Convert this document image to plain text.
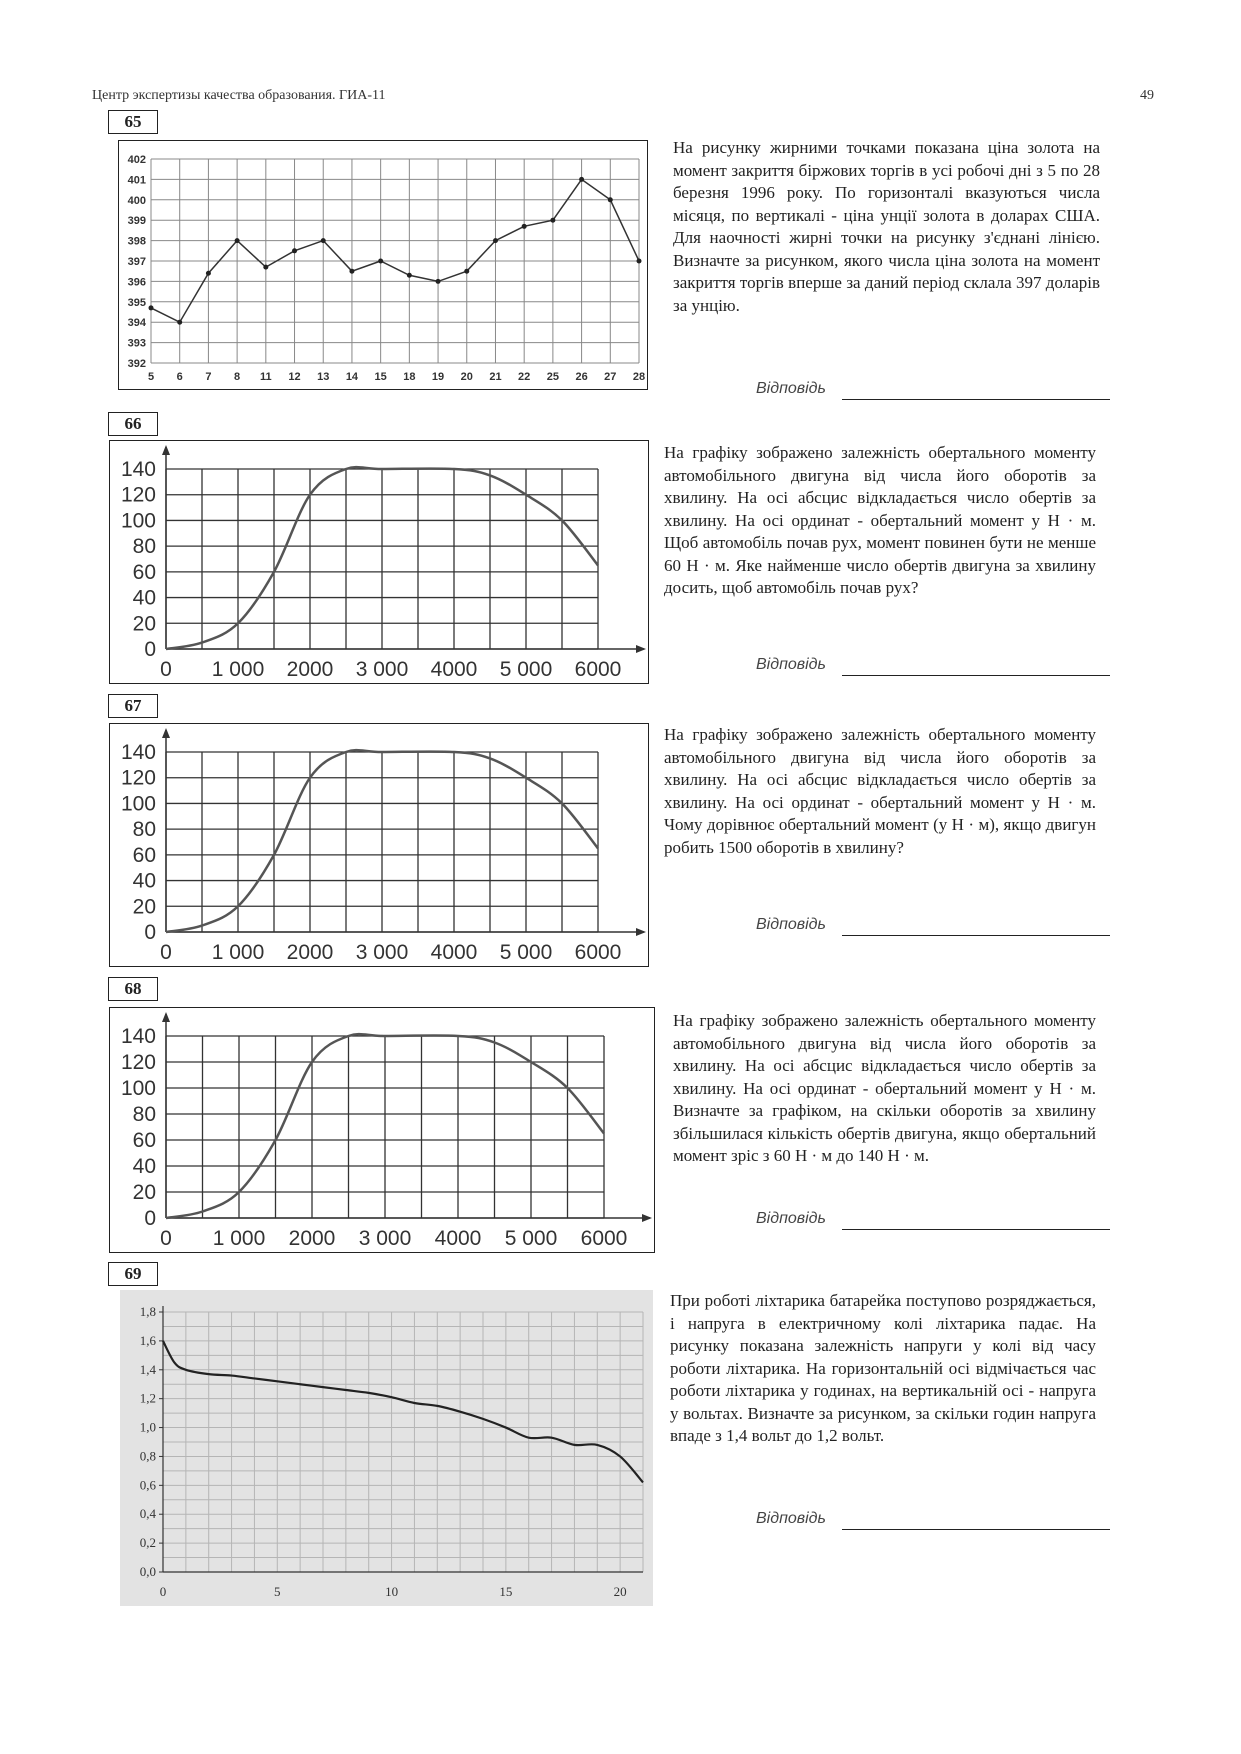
Центр экспертизы качества образования. ГИА-11	49
65
5 6 7 8 11 12 13 14 15 18 19 20 21 22 25 26 27 28
392
393
394
395
396
397
398
399
400
401
402
На рисунку жирними точками показана ціна золота на момент закриття біржових торгів в усі робочі дні з 5 по 28 березня 1996 року. По горизонталі вказуються числа місяця, по вертикалі - ціна унції золота в доларах США. Для наочності жирні точки на рисунку з'єднані лінією. Визначте за рисунком, якого числа ціна золота на момент закриття торгів вперше за даний період склала 397 доларів за унцію.
Відповідь
66
0 1 000 2000 3 000 4000 5 000 6000
0
20
40
60
80
100
120
140
На графіку зображено залежність обертального моменту автомобільного двигуна від числа його оборотів за хвилину. На осі абсцис відкладається число обертів за хвилину. На осі ординат - обертальний момент у Н · м. Щоб автомобіль почав рух, момент повинен бути не менше 60 Н · м. Яке найменше число обертів двигуна за хвилину досить, щоб автомобіль почав рух?
Відповідь
67
0 1 000 2000 3 000 4000 5 000 6000
0
20
40
60
80
100
120
140
На графіку зображено залежність обертального моменту автомобільного двигуна від числа його оборотів за хвилину. На осі абсцис відкладається число обертів за хвилину. На осі ординат - обертальний момент у Н · м. Чому дорівнює обертальний момент (у Н · м), якщо двигун робить 1500 оборотів в хвилину?
Відповідь
68
0 1 000 2000 3 000 4000 5 000 6000
0
20
40
60
80
100
120
140
На графіку зображено залежність обертального моменту автомобільного двигуна від числа його оборотів за хвилину. На осі абсцис відкладається число обертів за хвилину. На осі ординат - обертальний момент у Н · м. Визначте за графіком, на скільки оборотів за хвилину збільшилася кількість обертів двигуна, якщо обертальний момент зріс з 60 Н · м до 140 Н · м.
Відповідь
69
0,0
0,2
0,4
0,6
0,8
1,0
1,2
1,4
1,6
1,8
0	5	10	15	20
При роботі ліхтарика батарейка поступово розряджається, і напруга в електричному колі ліхтарика падає. На рисунку показана залежність напруги у колі від часу роботи ліхтарика. На горизонтальній осі відмічається час роботи ліхтарика у годинах, на вертикальній осі - напруга у вольтах. Визначте за рисунком, за скільки годин напруга впаде з 1,4 вольт до 1,2 вольт.
Відповідь
